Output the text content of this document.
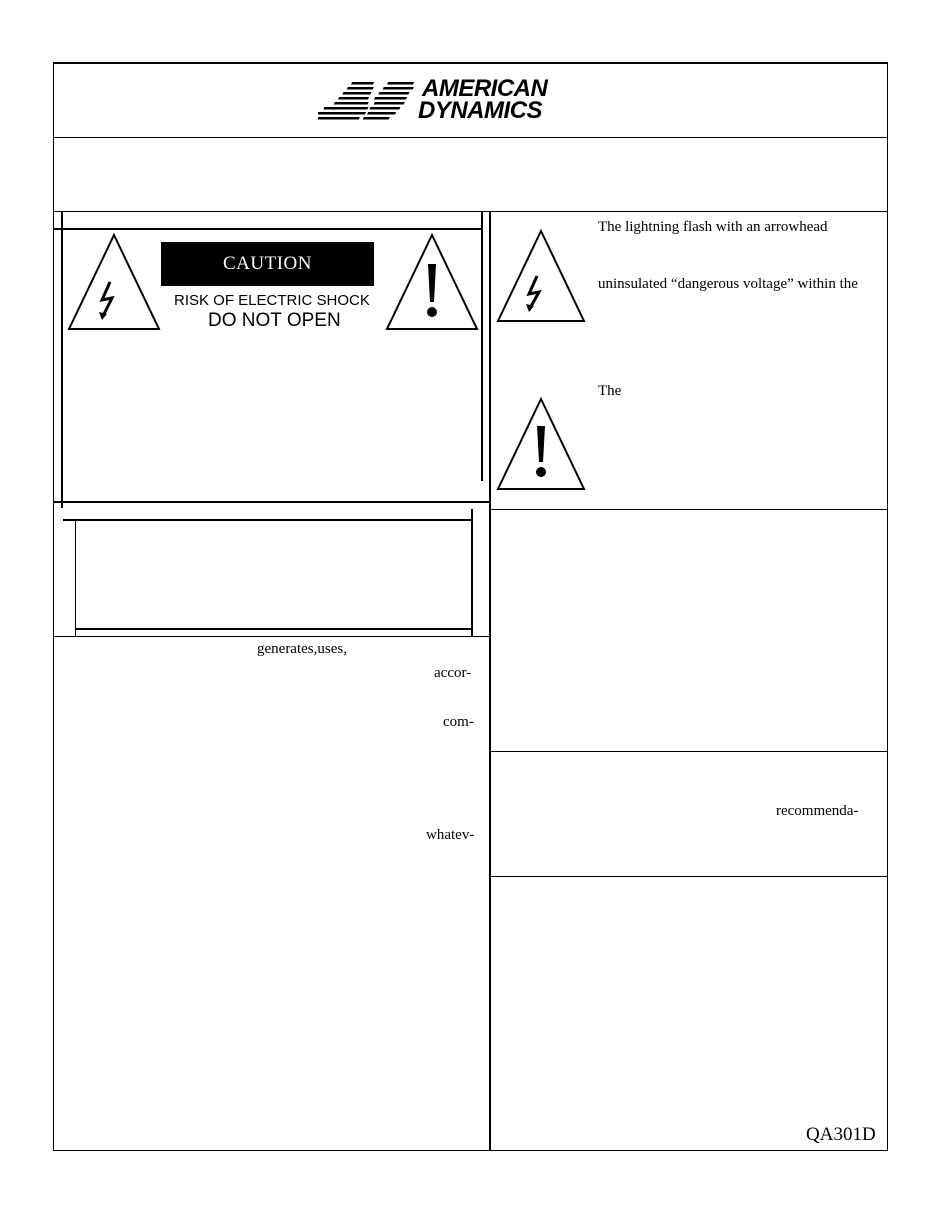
AMERICAN
DYNAMICS
CAUTION
RISK OF ELECTRIC SHOCK
DO NOT OPEN
The lightning flash with an arrowhead
uninsulated “dangerous voltage” within the
The
generates,uses,
accor-
com-
whatev-
recommenda-
QA301D
